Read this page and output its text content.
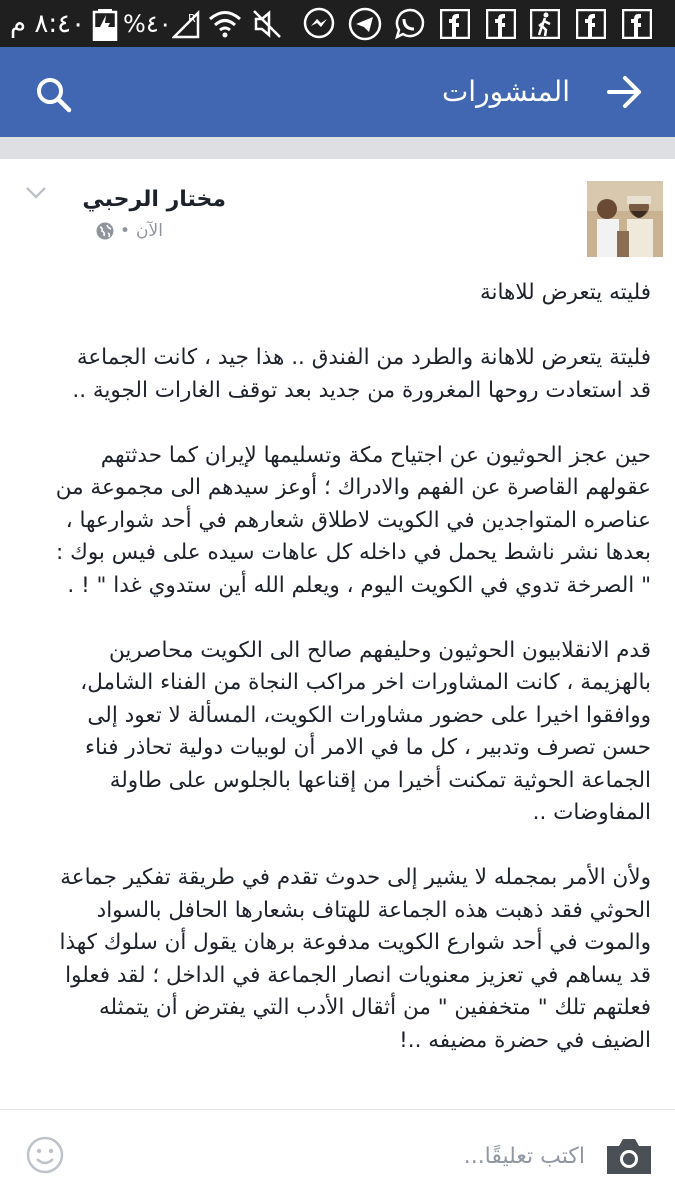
٨:٤٠ م %٤٠ R
المنشورات
مختار الرحبي
• الآن
فليته يتعرض للاهانة
فليتة يتعرض للاهانة والطرد من الفندق .. هذا جيد ، كانت الجماعة
قد استعادت روحها المغرورة من جديد بعد توقف الغارات الجوية ..
حين عجز الحوثيون عن اجتياح مكة وتسليمها لإيران كما حدثتهم
عقولهم القاصرة عن الفهم والادراك ؛ أوعز سيدهم الى مجموعة من
عناصره المتواجدين في الكويت لاطلاق شعارهم في أحد شوارعها ،
بعدها نشر ناشط يحمل في داخله كل عاهات سيده على فيس بوك :
" الصرخة تدوي في الكويت اليوم ، ويعلم الله أين ستدوي غدا " ! .
قدم الانقلابيون الحوثيون وحليفهم صالح الى الكويت محاصرين
بالهزيمة ، كانت المشاورات اخر مراكب النجاة من الفناء الشامل،
ووافقوا اخيرا على حضور مشاورات الكويت، المسألة لا تعود إلى
حسن تصرف وتدبير ، كل ما في الامر أن لوبيات دولية تحاذر فناء
الجماعة الحوثية تمكنت أخيرا من إقناعها بالجلوس على طاولة
المفاوضات ..
ولأن الأمر بمجمله لا يشير إلى حدوث تقدم في طريقة تفكير جماعة
الحوثي فقد ذهبت هذه الجماعة للهتاف بشعارها الحافل بالسواد
والموت في أحد شوارع الكويت مدفوعة برهان يقول أن سلوك كهذا
قد يساهم في تعزيز معنويات انصار الجماعة في الداخل ؛ لقد فعلوا
فعلتهم تلك " متخففين " من أثقال الأدب التي يفترض أن يتمثله
الضيف في حضرة مضيفه ..!
اكتب تعليقًا...
